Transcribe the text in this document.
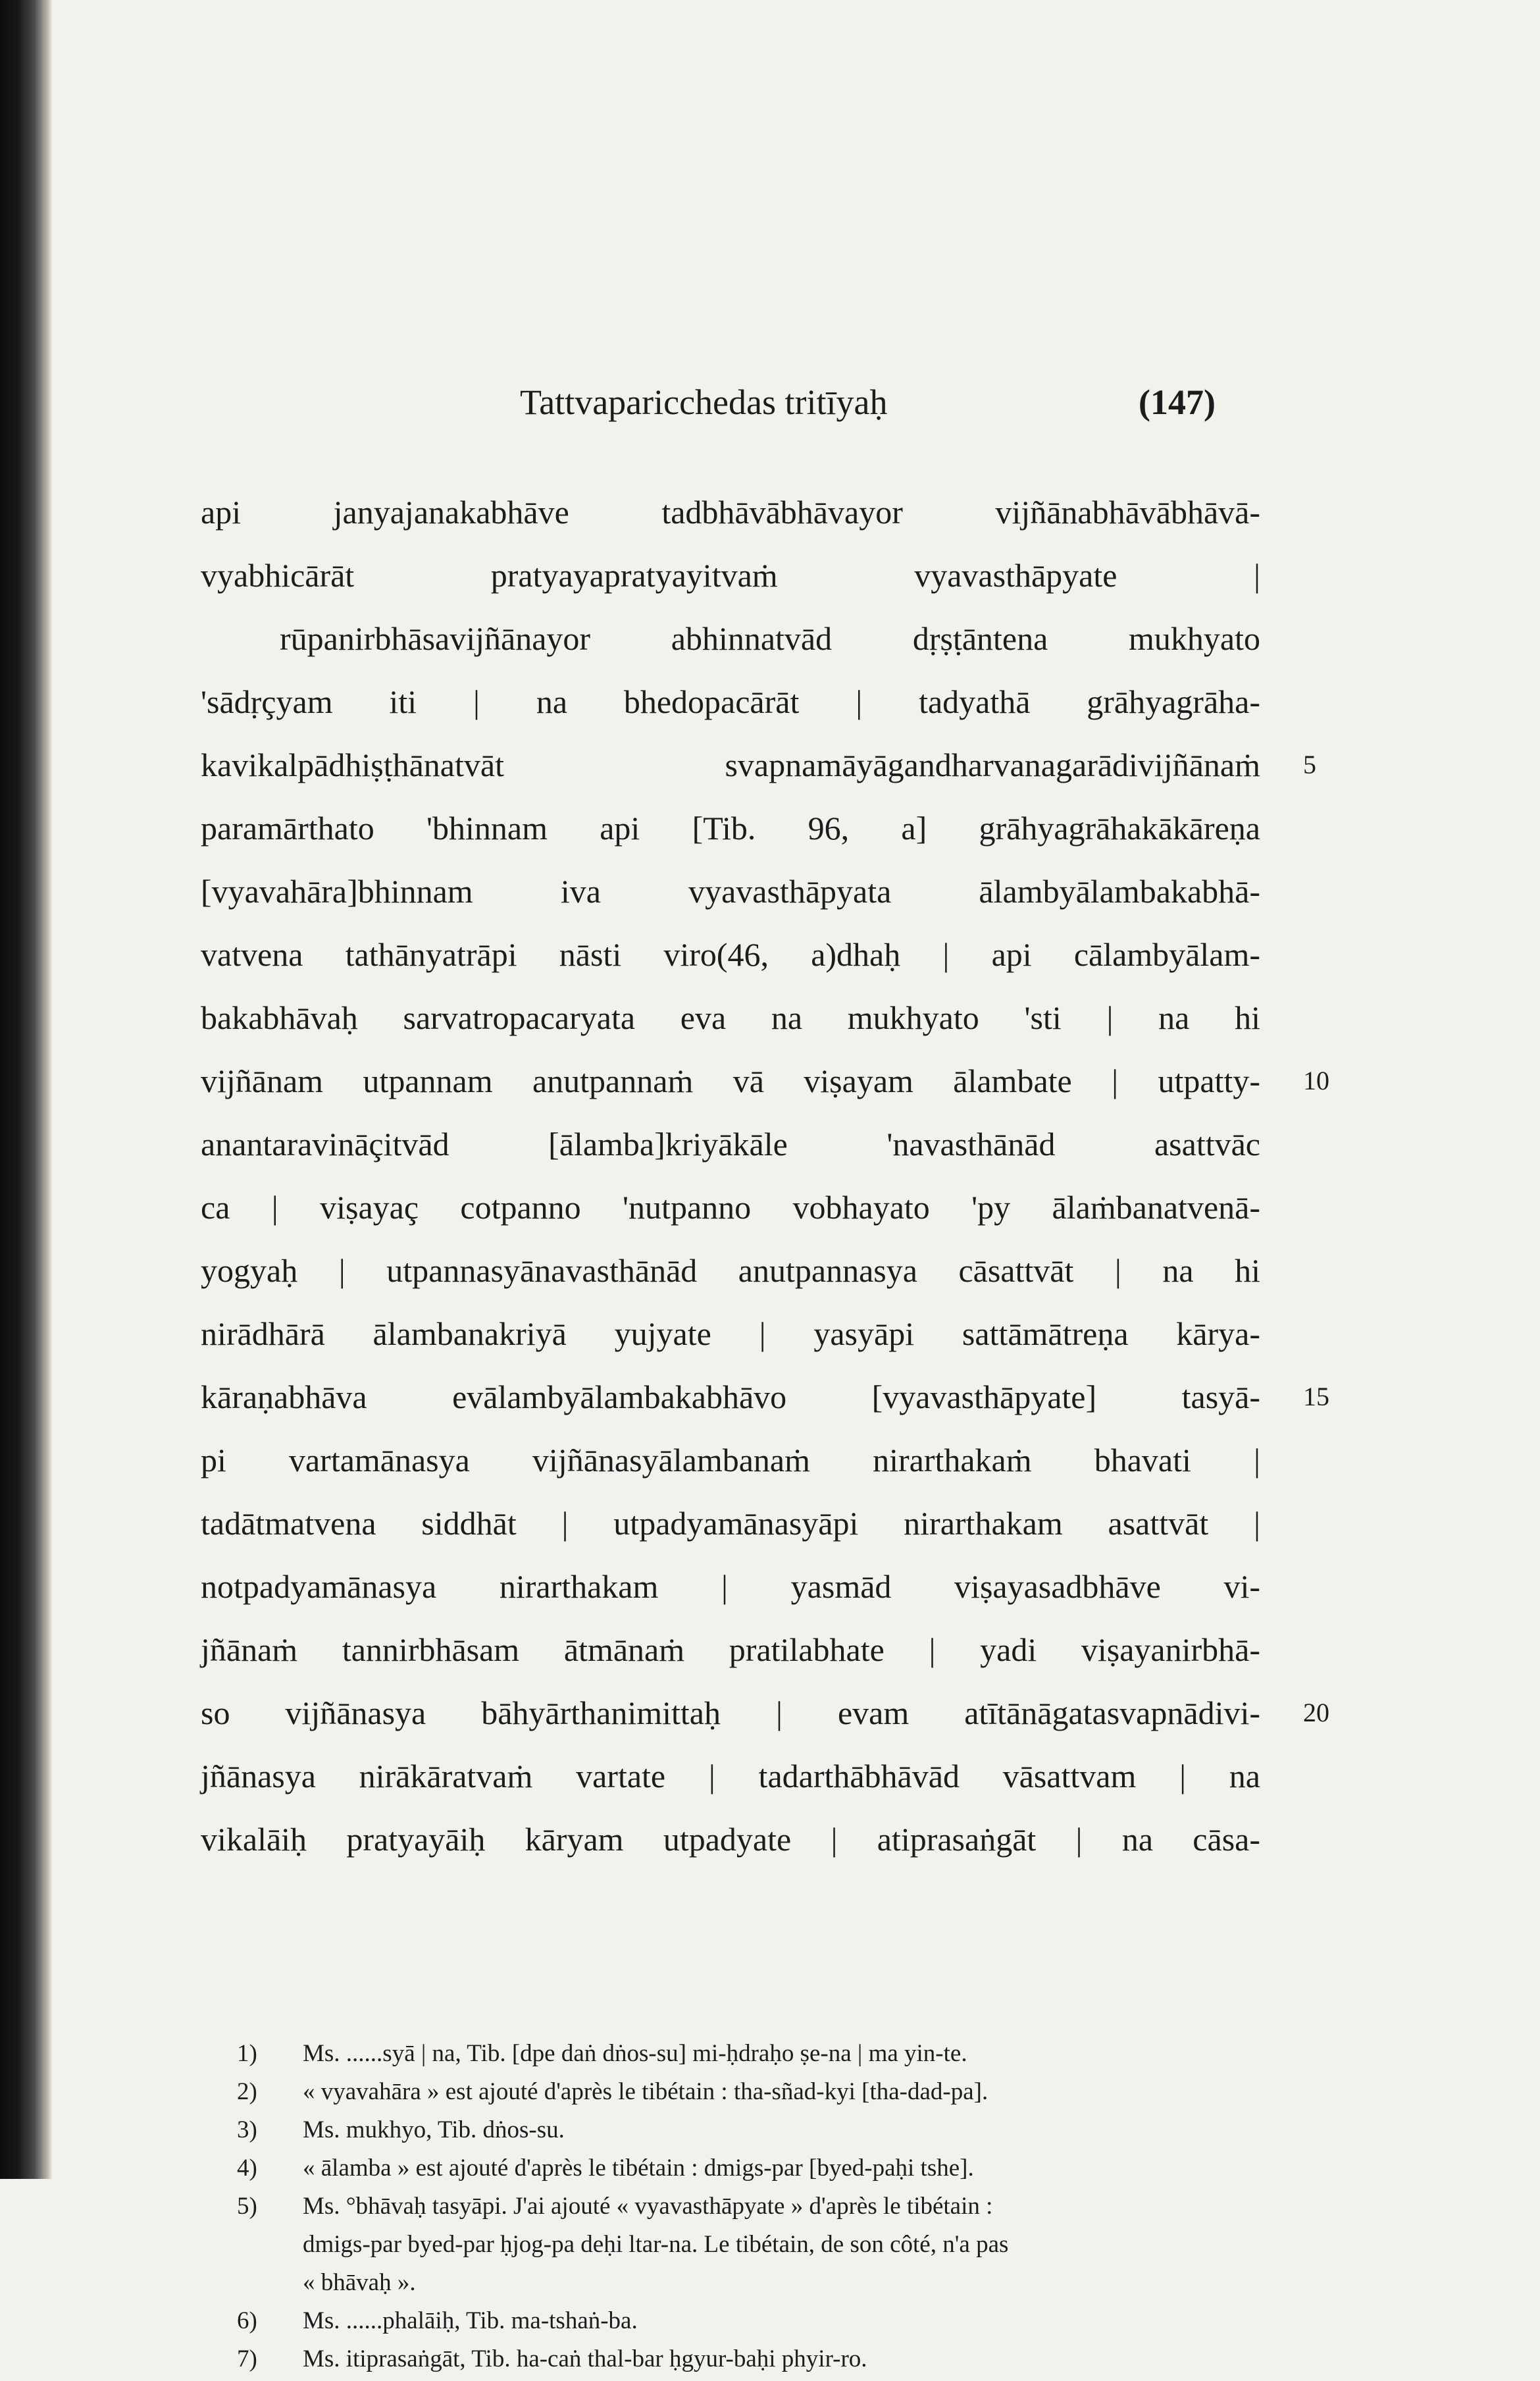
Tattvaparicchedas tritīyaḥ	(147)
api janyajanakabhāve tadbhāvābhāvayor vijñānabhāvābhāvā-
vyabhicārāt pratyayapratyayitvaṁ vyavasthāpyate |
rūpanirbhāsavijñānayor abhinnatvād dṛṣṭāntena mukhyato
'sādṛçyam iti | na bhedopacārāt | tadyathā grāhyagrāha-
kavikalpādhiṣṭhānatvāt svapnamāyāgandharvanagarādivijñānaṁ 5
paramārthato 'bhinnam api [Tib. 96, a] grāhyagrāhakākāreṇa
[vyavahāra]bhinnam iva vyavasthāpyata ālambyālambakabhā-
vatvena tathānyatrāpi nāsti viro(46, a)dhaḥ | api cālambyālam-
bakabhāvaḥ sarvatropacaryata eva na mukhyato 'sti | na hi
vijñānam utpannam anutpannaṁ vā viṣayam ālambate | utpatty- 10
anantaravināçitvād [ālamba]kriyākāle 'navasthānād asattvāc
ca | viṣayaç cotpanno 'nutpanno vobhayato 'py ālaṁbanatvenā-
yogyaḥ | utpannasyānavasthānād anutpannasya cāsattvāt | na hi
nirādhārā ālambanakriyā yujyate | yasyāpi sattāmātreṇa kārya-
kāraṇabhāva evālambyālambakabhāvo [vyavasthāpyate] tasyā- 15
pi vartamānasya vijñānasyālambanaṁ nirarthakaṁ bhavati |
tadātmatvena siddhāt | utpadyamānasyāpi nirarthakam asattvāt |
notpadyamānasya nirarthakam | yasmād viṣayasadbhāve vi-
jñānaṁ tannirbhāsam ātmānaṁ pratilabhate | yadi viṣayanirbhā-
so vijñānasya bāhyārthanimittaḥ | evam atītānāgatasvapnādivi- 20
jñānasya nirākāratvaṁ vartate | tadarthābhāvād vāsattvam | na
vikalāiḥ pratyayāiḥ kāryam utpadyate | atiprasaṅgāt | na cāsa-
1) Ms. ......syā | na, Tib. [dpe daṅ dṅos-su] mi-ḥdraḥo ṣe-na | ma yin-te.
2) « vyavahāra » est ajouté d'après le tibétain : tha-sñad-kyi [tha-dad-pa].
3) Ms. mukhyo, Tib. dṅos-su.
4) « ālamba » est ajouté d'après le tibétain : dmigs-par [byed-paḥi tshe].
5) Ms. °bhāvaḥ tasyāpi. J'ai ajouté « vyavasthāpyate » d'après le tibétain :
dmigs-par byed-par ḥjog-pa deḥi ltar-na. Le tibétain, de son côté, n'a pas
« bhāvaḥ ».
6) Ms. ......phalāiḥ, Tib. ma-tshaṅ-ba.
7) Ms. itiprasaṅgāt, Tib. ha-caṅ thal-bar ḥgyur-baḥi phyir-ro.
